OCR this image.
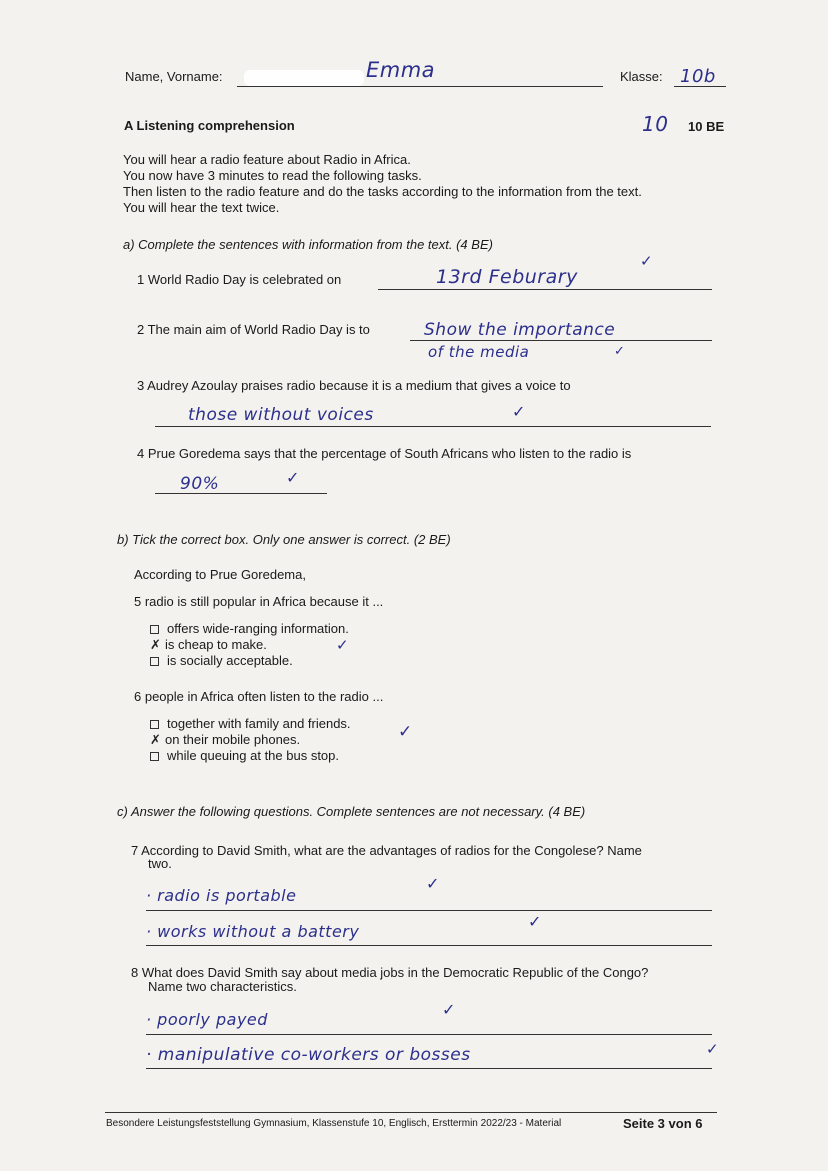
Name, Vorname:	Emma	Klasse: 10b
A Listening comprehension	10 10 BE
You will hear a radio feature about Radio in Africa.
You now have 3 minutes to read the following tasks.
Then listen to the radio feature and do the tasks according to the information from the text.
You will hear the text twice.
a) Complete the sentences with information from the text. (4 BE)
1 World Radio Day is celebrated on	13rd Feburary
✓
2 The main aim of World Radio Day is to	Show the importance
of the media	✓
3 Audrey Azoulay praises radio because it is a medium that gives a voice to
those without voices	✓
4 Prue Goredema says that the percentage of South Africans who listen to the radio is
90%	✓
b) Tick the correct box. Only one answer is correct. (2 BE)
According to Prue Goredema,
5 radio is still popular in Africa because it ...
offers wide-ranging information.
✗ is cheap to make.
is socially acceptable.
✓
6 people in Africa often listen to the radio ...
together with family and friends.
✗ on their mobile phones.
while queuing at the bus stop.
✓
c) Answer the following questions. Complete sentences are not necessary. (4 BE)
7 According to David Smith, what are the advantages of radios for the Congolese? Name
two.
· radio is portable
✓
· works without a battery
✓
8 What does David Smith say about media jobs in the Democratic Republic of the Congo?
Name two characteristics.
· poorly payed
✓
· manipulative co-workers or bosses	✓
Besondere Leistungsfeststellung Gymnasium, Klassenstufe 10, Englisch, Ersttermin 2022/23 - Material	Seite 3 von 6
